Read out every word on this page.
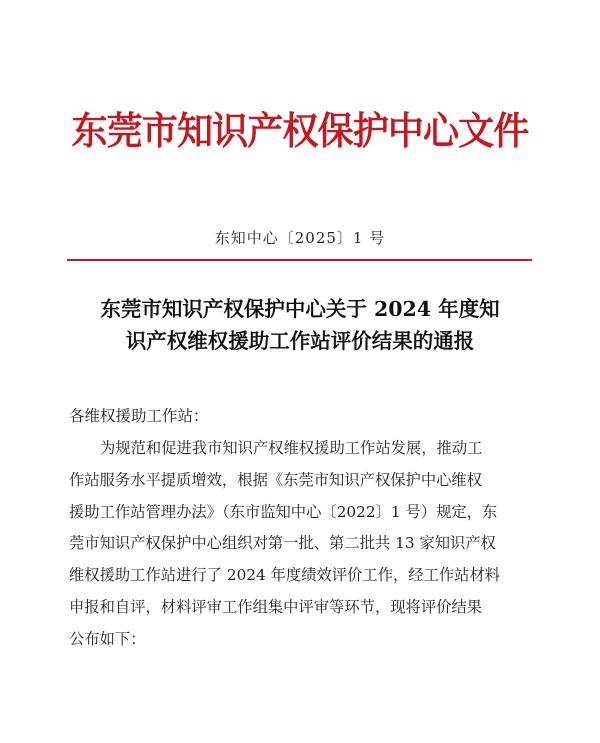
东莞市知识产权保护中心文件
东知中心〔2025〕1 号
东莞市知识产权保护中心关于 2024 年度知
识产权维权援助工作站评价结果的通报
各维权援助工作站：
为规范和促进我市知识产权维权援助工作站发展，推动工
作站服务水平提质增效，根据《东莞市知识产权保护中心维权
援助工作站管理办法》（东市监知中心〔2022〕1 号）规定，东
莞市知识产权保护中心组织对第一批、第二批共 13 家知识产权
维权援助工作站进行了 2024 年度绩效评价工作，经工作站材料
申报和自评，材料评审工作组集中评审等环节，现将评价结果
公布如下：
